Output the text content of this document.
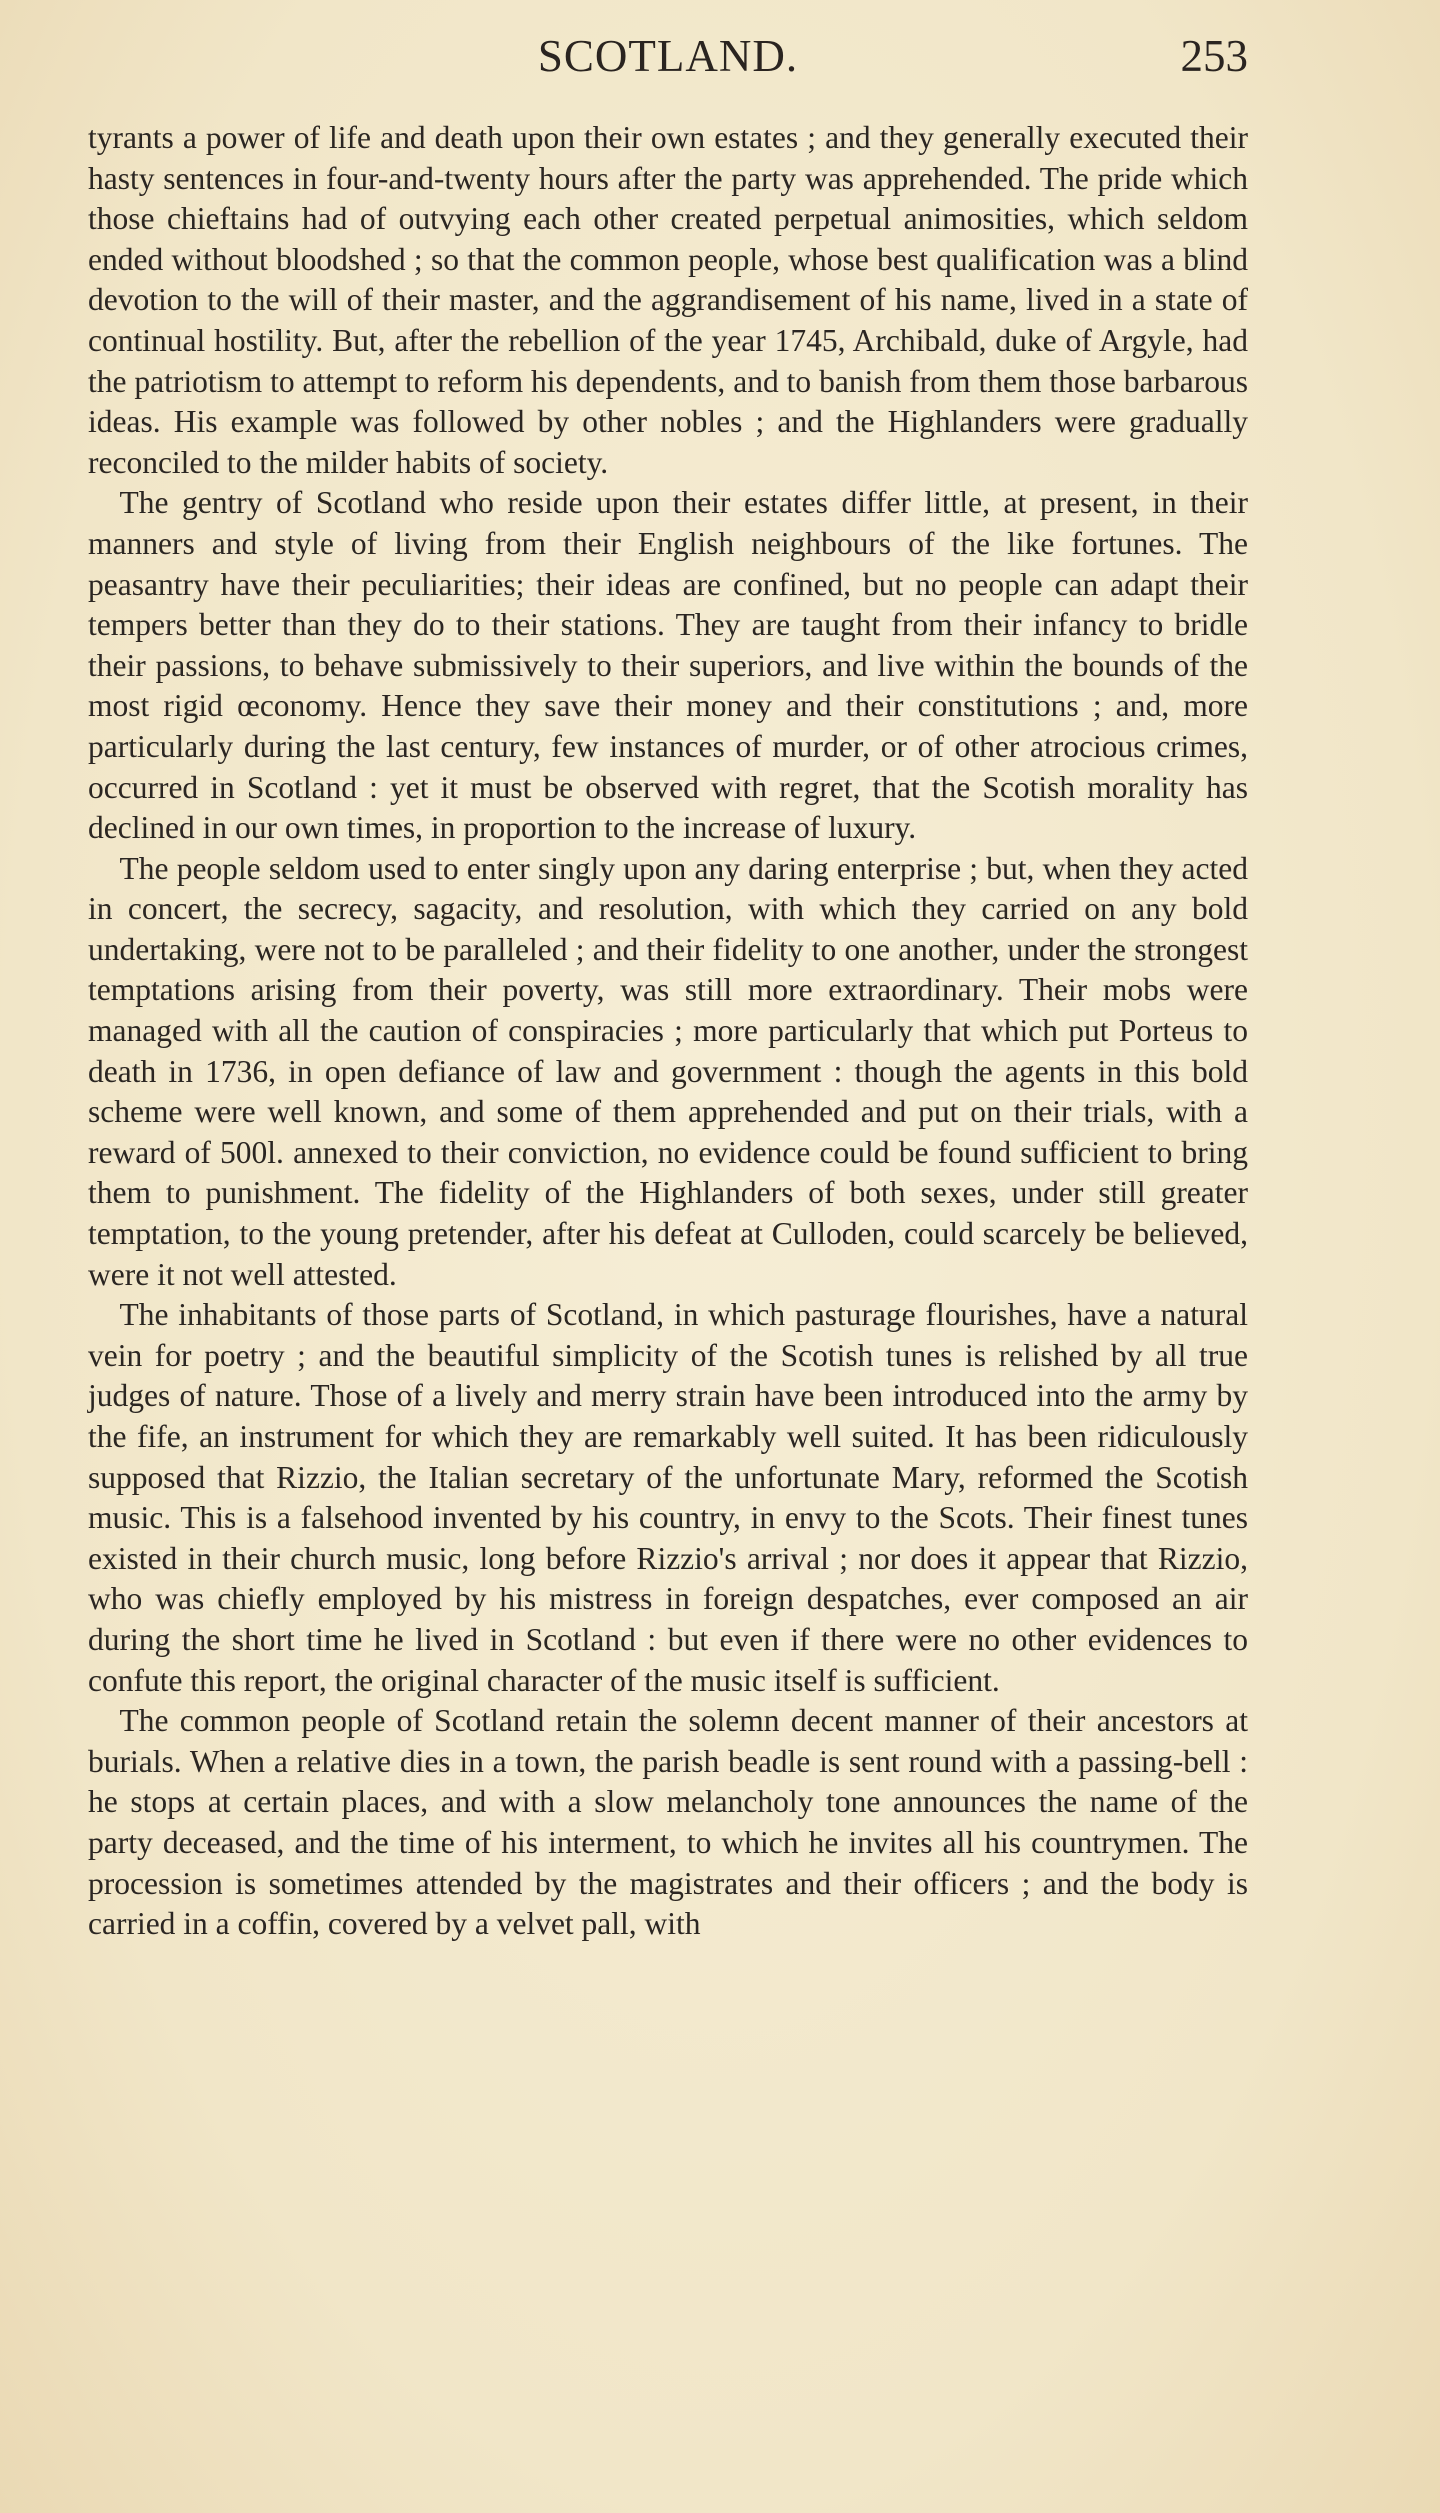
SCOTLAND.	253

tyrants a power of life and death upon their own estates ; and they generally executed their hasty sentences in four-and-twenty hours after the party was apprehended. The pride which those chieftains had of outvying each other created perpetual animosities, which seldom ended without bloodshed ; so that the common people, whose best qualification was a blind devotion to the will of their master, and the aggrandisement of his name, lived in a state of continual hostility. But, after the rebellion of the year 1745, Archibald, duke of Argyle, had the patriotism to attempt to reform his dependents, and to banish from them those barbarous ideas. His example was followed by other nobles ; and the Highlanders were gradually reconciled to the milder habits of society.

The gentry of Scotland who reside upon their estates differ little, at present, in their manners and style of living from their English neighbours of the like fortunes. The peasantry have their peculiarities; their ideas are confined, but no people can adapt their tempers better than they do to their stations. They are taught from their infancy to bridle their passions, to behave submissively to their superiors, and live within the bounds of the most rigid œconomy. Hence they save their money and their constitutions ; and, more particularly during the last century, few instances of murder, or of other atrocious crimes, occurred in Scotland : yet it must be observed with regret, that the Scotish morality has declined in our own times, in proportion to the increase of luxury.

The people seldom used to enter singly upon any daring enterprise ; but, when they acted in concert, the secrecy, sagacity, and resolution, with which they carried on any bold undertaking, were not to be paralleled ; and their fidelity to one another, under the strongest temptations arising from their poverty, was still more extraordinary. Their mobs were managed with all the caution of conspiracies ; more particularly that which put Porteus to death in 1736, in open defiance of law and government : though the agents in this bold scheme were well known, and some of them apprehended and put on their trials, with a reward of 500l. annexed to their conviction, no evidence could be found sufficient to bring them to punishment. The fidelity of the Highlanders of both sexes, under still greater temptation, to the young pretender, after his defeat at Culloden, could scarcely be believed, were it not well attested.

The inhabitants of those parts of Scotland, in which pasturage flourishes, have a natural vein for poetry ; and the beautiful simplicity of the Scotish tunes is relished by all true judges of nature. Those of a lively and merry strain have been introduced into the army by the fife, an instrument for which they are remarkably well suited. It has been ridiculously supposed that Rizzio, the Italian secretary of the unfortunate Mary, reformed the Scotish music. This is a falsehood invented by his country, in envy to the Scots. Their finest tunes existed in their church music, long before Rizzio's arrival ; nor does it appear that Rizzio, who was chiefly employed by his mistress in foreign despatches, ever composed an air during the short time he lived in Scotland : but even if there were no other evidences to confute this report, the original character of the music itself is sufficient.

The common people of Scotland retain the solemn decent manner of their ancestors at burials. When a relative dies in a town, the parish beadle is sent round with a passing-bell : he stops at certain places, and with a slow melancholy tone announces the name of the party deceased, and the time of his interment, to which he invites all his countrymen. The procession is sometimes attended by the magistrates and their officers ; and the body is carried in a coffin, covered by a velvet pall, with
